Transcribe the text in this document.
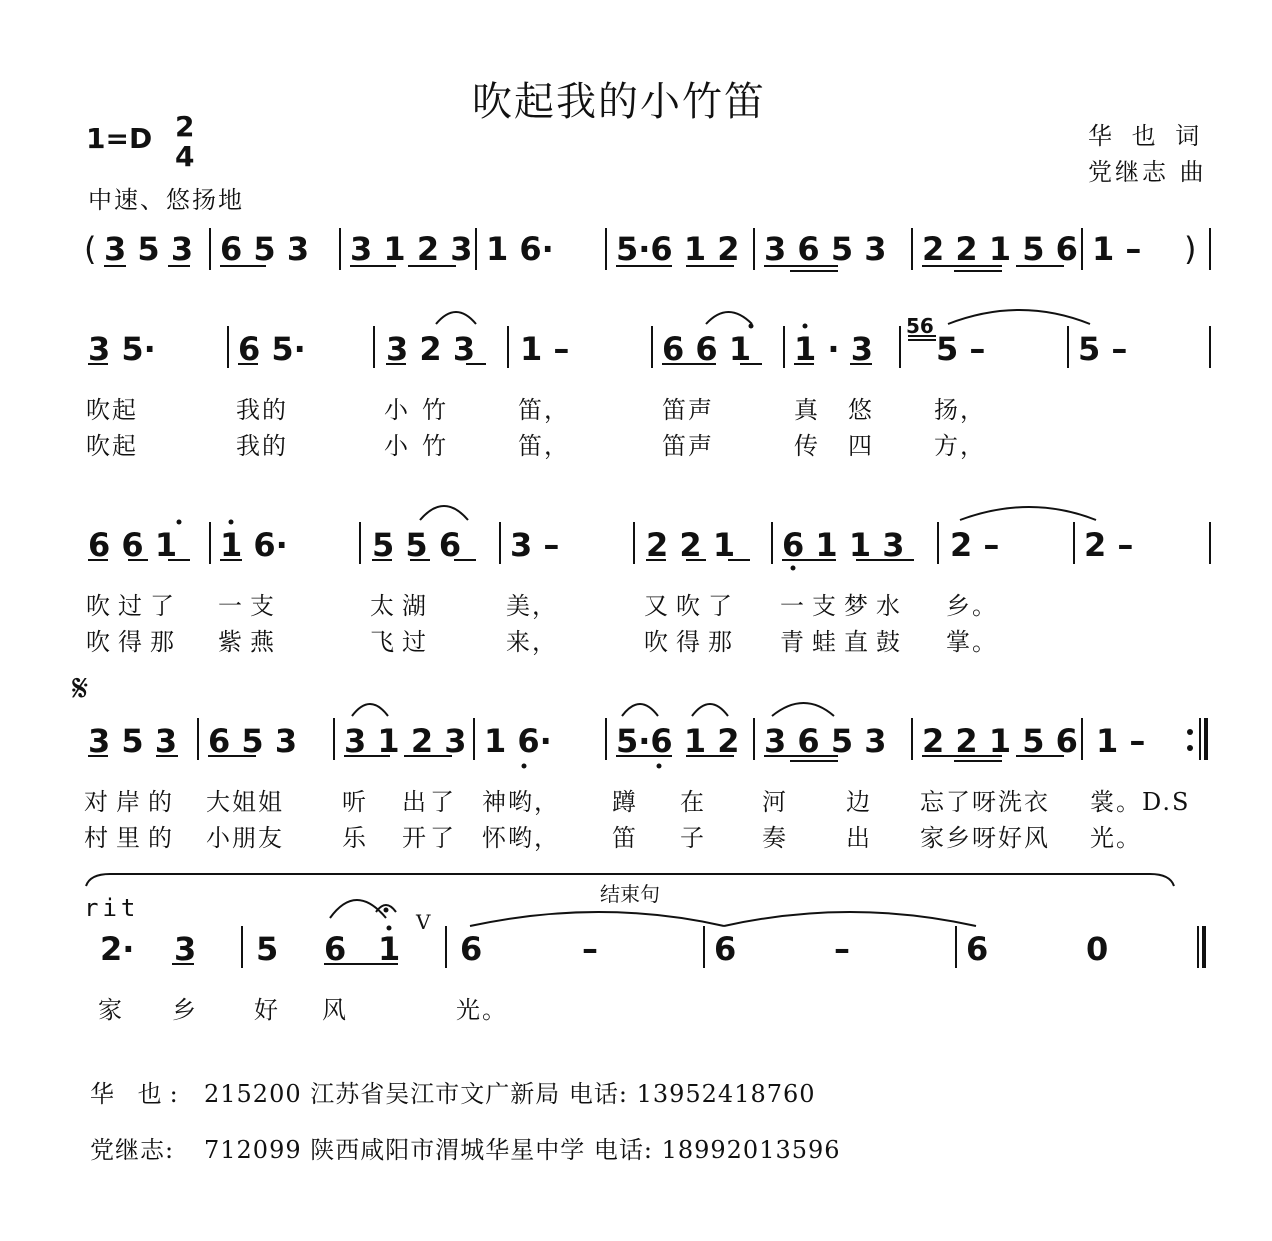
吹起我的小竹笛
华 也 词
党继志 曲
1=D 2
4
中速、悠扬地
( 3 5 3 6 5 3 3 1 2 3 1 6· 5·6 1 2 3 6 5 3 2 2 1 5 6 1 – )
3 5·	6 5·	3 2 3 1 –	6 6 1 1 · 3
56
5 –	5 –
吹起	我的	小竹 笛，	笛声	真 悠	扬，
吹起	我的	小竹 笛，	笛声	传 四	方，
6 6 1 1 6·	5 5 6 3 –	2 2 1 6 1 1 3 2 –	2 –
吹过了 一支	太湖	美，	又吹了 一支梦水 乡。
吹得那 紫燕	飞过	来，	吹得那 青蛙直鼓 掌。
𝄋
3 5 3 6 5 3 3 1 2 3 1 6· 5·6 1 2 3 6 5 3 2 2 1 5 6 1 –
对岸的 大姐姐 听 出了 神哟， 蹲 在 河 边 忘了呀洗衣 裳。D.S
村里的 小朋友 乐 开了 怀哟， 笛 子 奏 出 家乡呀好风 光。
rit	结束句
V
2· 3 5 6 1 6	–	6	–	6	0
家 乡 好 风	光。
华 也: 215200 江苏省吴江市文广新局 电话: 13952418760
党继志: 712099 陕西咸阳市渭城华星中学 电话: 18992013596
